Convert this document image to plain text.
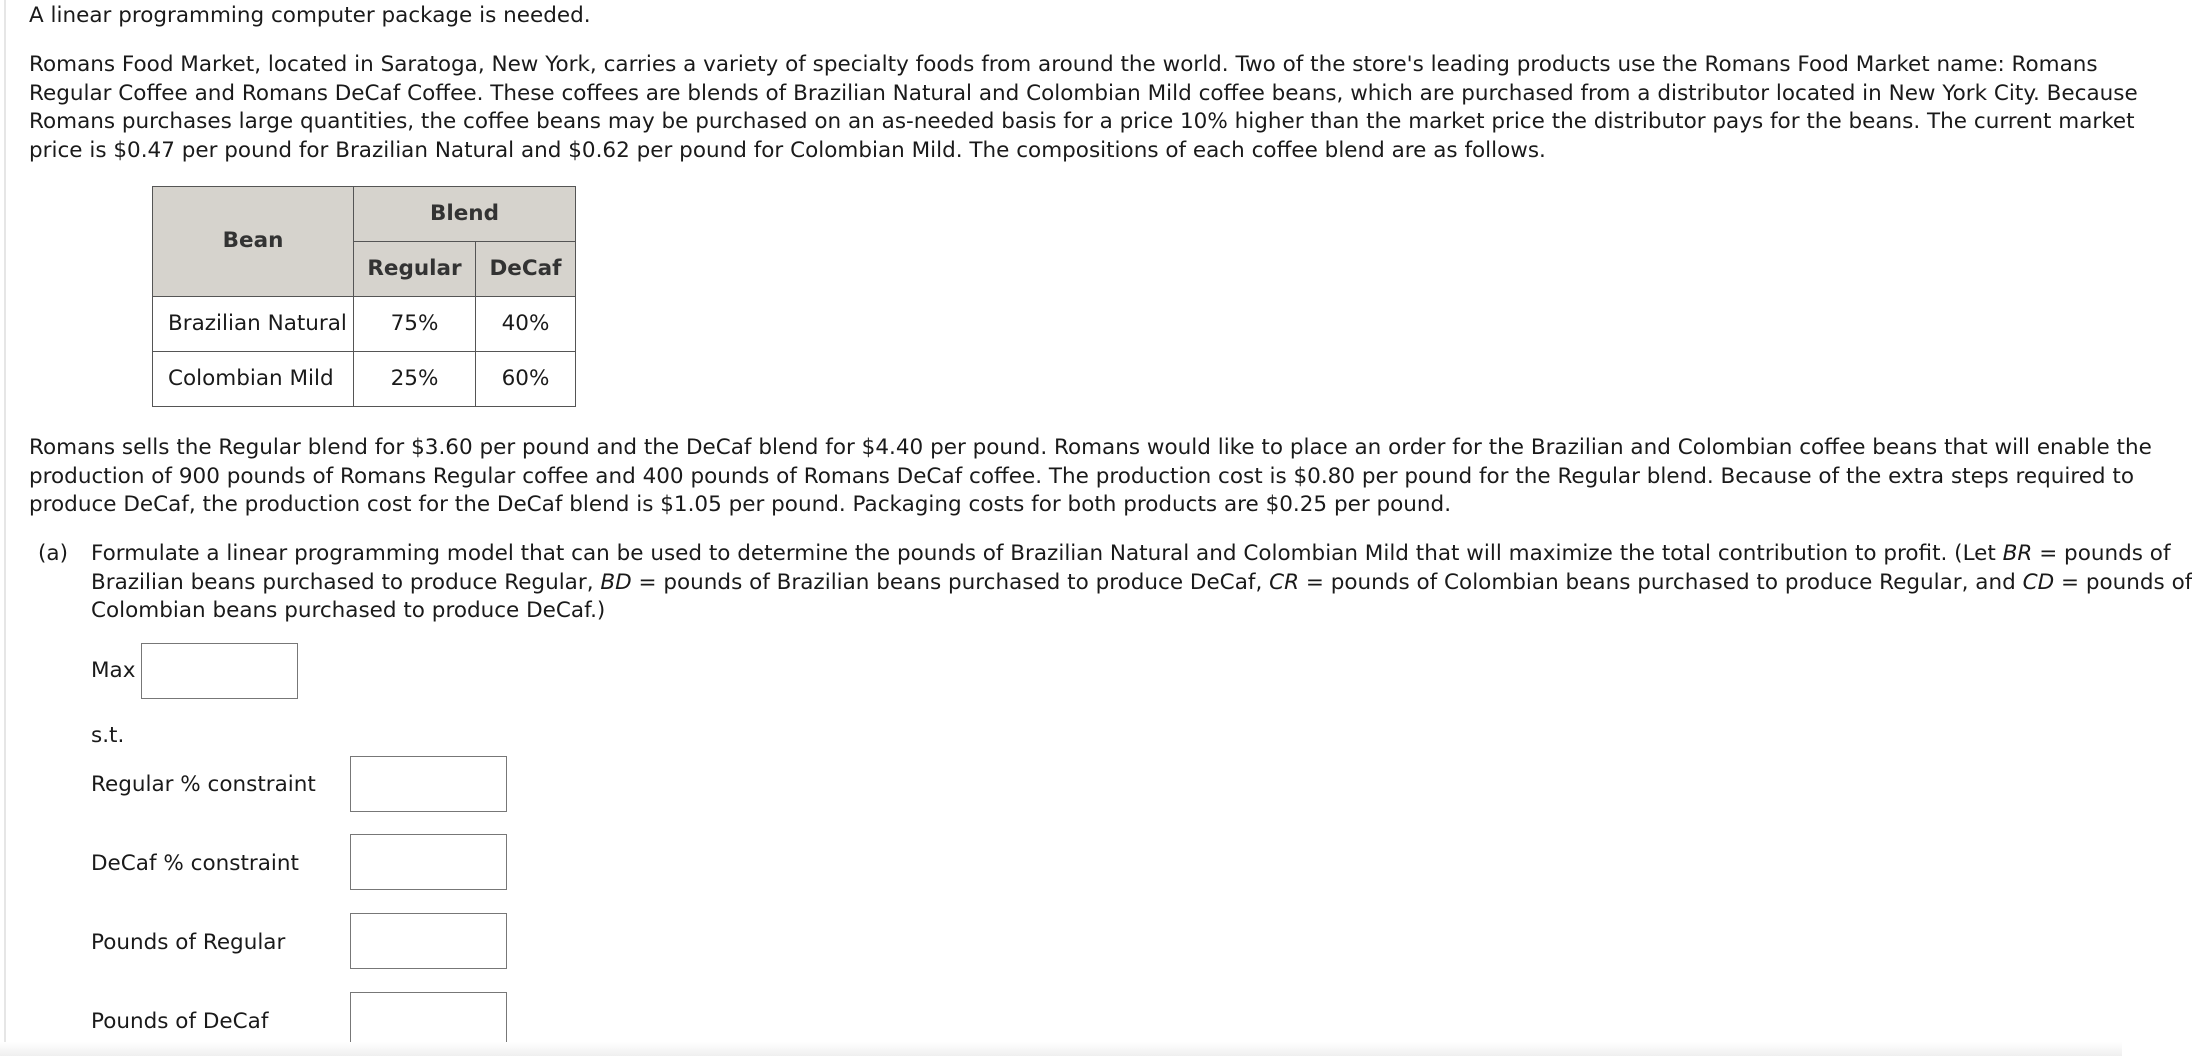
A linear programming computer package is needed.

Romans Food Market, located in Saratoga, New York, carries a variety of specialty foods from around the world. Two of the store's leading products use the Romans Food Market name: Romans
Regular Coffee and Romans DeCaf Coffee. These coffees are blends of Brazilian Natural and Colombian Mild coffee beans, which are purchased from a distributor located in New York City. Because
Romans purchases large quantities, the coffee beans may be purchased on an as-needed basis for a price 10% higher than the market price the distributor pays for the beans. The current market
price is $0.47 per pound for Brazilian Natural and $0.62 per pound for Colombian Mild. The compositions of each coffee blend are as follows.
Bean	Blend	
	Regular	DeCaf
Brazilian Natural	75%	40%
Colombian Mild	25%	60%
Romans sells the Regular blend for $3.60 per pound and the DeCaf blend for $4.40 per pound. Romans would like to place an order for the Brazilian and Colombian coffee beans that will enable the
production of 900 pounds of Romans Regular coffee and 400 pounds of Romans DeCaf coffee. The production cost is $0.80 per pound for the Regular blend. Because of the extra steps required to
produce DeCaf, the production cost for the DeCaf blend is $1.05 per pound. Packaging costs for both products are $0.25 per pound.
(a) Formulate a linear programming model that can be used to determine the pounds of Brazilian Natural and Colombian Mild that will maximize the total contribution to profit. (Let BR = pounds of
Brazilian beans purchased to produce Regular, BD = pounds of Brazilian beans purchased to produce DeCaf, CR = pounds of Colombian beans purchased to produce Regular, and CD = pounds of
Colombian beans purchased to produce DeCaf.)
Max
s.t.
Regular % constraint
DeCaf % constraint
Pounds of Regular
Pounds of DeCaf
